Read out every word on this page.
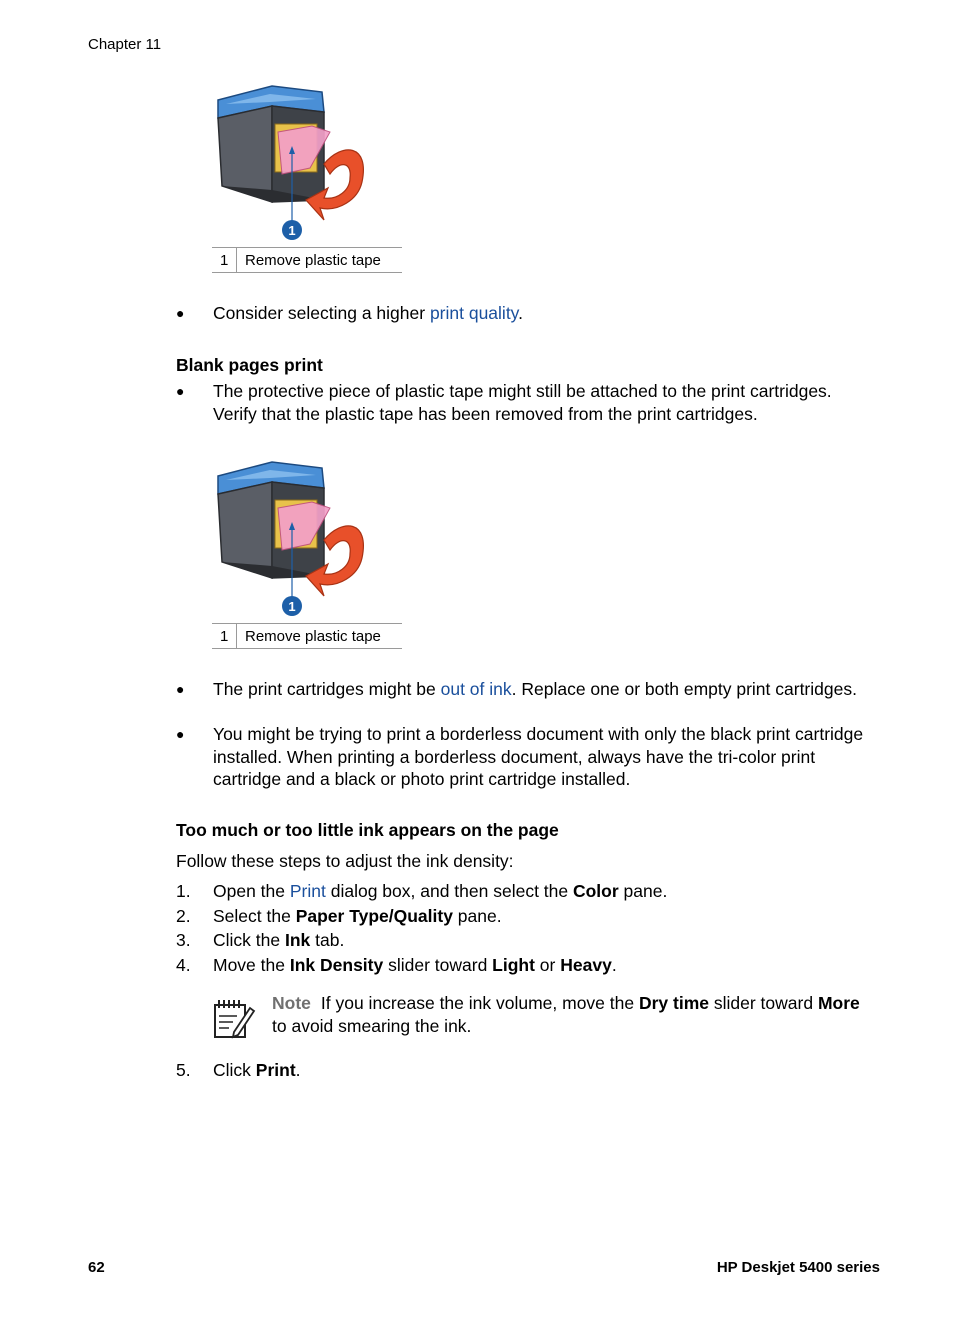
Chapter 11
1
1	Remove plastic tape
● Consider selecting a higher print quality.
Blank pages print
● The protective piece of plastic tape might still be attached to the print cartridges. Verify that the plastic tape has been removed from the print cartridges.
1
1	Remove plastic tape
● The print cartridges might be out of ink. Replace one or both empty print cartridges.
● You might be trying to print a borderless document with only the black print cartridge installed. When printing a borderless document, always have the tri-color print cartridge and a black or photo print cartridge installed.
Too much or too little ink appears on the page
Follow these steps to adjust the ink density:
1. Open the Print dialog box, and then select the Color pane.
2. Select the Paper Type/Quality pane.
3. Click the Ink tab.
4. Move the Ink Density slider toward Light or Heavy.
Note If you increase the ink volume, move the Dry time slider toward More to avoid smearing the ink.
5. Click Print.
62	HP Deskjet 5400 series
